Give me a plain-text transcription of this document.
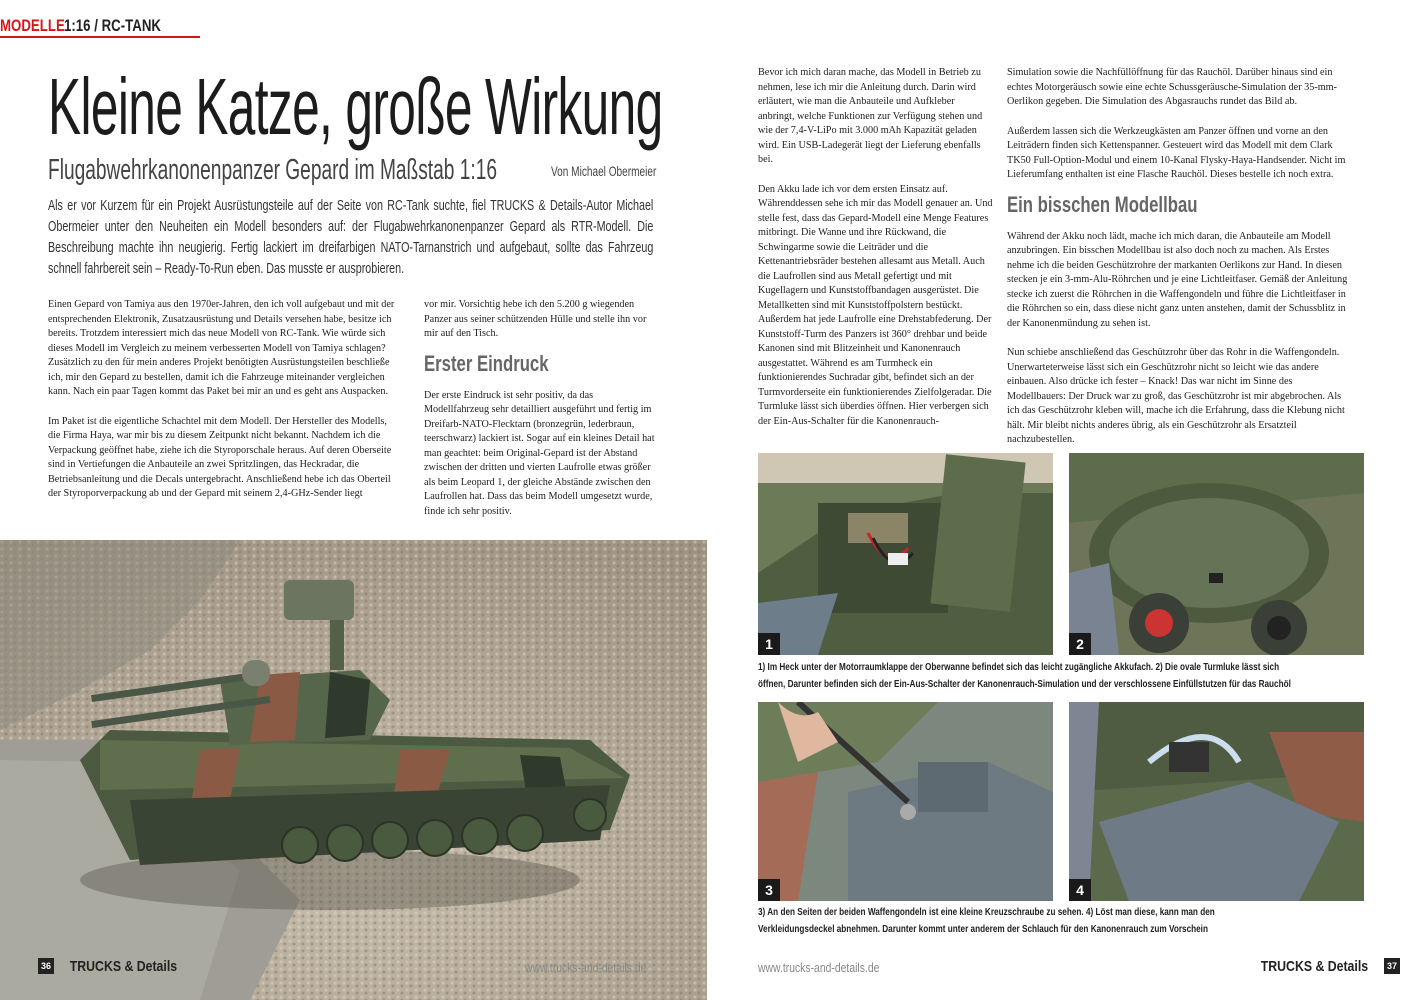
MODELLE 1:16 / RC-TANK
Kleine Katze, große Wirkung
Flugabwehrkanonenpanzer Gepard im Maßstab 1:16	Von Michael Obermeier

Als er vor Kurzem für ein Projekt Ausrüstungsteile auf der Seite von RC-Tank suchte, fiel TRUCKS & Details-Autor Michael Obermeier unter den Neuheiten ein Modell besonders auf: der Flugabwehrkanonenpanzer Gepard als RTR-Modell. Die Beschreibung machte ihn neugierig. Fertig lackiert im dreifarbigen NATO-Tarnanstrich und aufgebaut, sollte das Fahrzeug schnell fahrbereit sein – Ready-To-Run eben. Das musste er ausprobieren.

Einen Gepard von Tamiya aus den 1970er-Jahren, den ich voll aufgebaut und mit der entsprechenden Elektronik, Zusatzausrüstung und Details versehen habe, besitze ich bereits. Trotzdem interessiert mich das neue Modell von RC-Tank. Wie würde sich dieses Modell im Vergleich zu meinem verbesserten Modell von Tamiya schlagen? Zusätzlich zu den für mein anderes Projekt benötigten Ausrüstungsteilen beschließe ich, mir den Gepard zu bestellen, damit ich die Fahrzeuge miteinander vergleichen kann. Nach ein paar Tagen kommt das Paket bei mir an und es geht ans Auspacken.

Im Paket ist die eigentliche Schachtel mit dem Modell. Der Hersteller des Modells, die Firma Haya, war mir bis zu diesem Zeitpunkt nicht bekannt. Nachdem ich die Verpackung geöffnet habe, ziehe ich die Styroporschale heraus. Auf deren Oberseite sind in Vertiefungen die Anbauteile an zwei Spritzlingen, das Heckradar, die Betriebsanleitung und die Decals untergebracht. Anschließend hebe ich das Oberteil der Styroporverpackung ab und der Gepard mit seinem 2,4-GHz-Sender liegt

vor mir. Vorsichtig hebe ich den 5.200 g wiegenden Panzer aus seiner schützenden Hülle und stelle ihn vor mir auf den Tisch.

Erster Eindruck

Der erste Eindruck ist sehr positiv, da das Modellfahrzeug sehr detailliert ausgeführt und fertig im Dreifarb-NATO-Flecktarn (bronzegrün, lederbraun, teerschwarz) lackiert ist. Sogar auf ein kleines Detail hat man geachtet: beim Original-Gepard ist der Abstand zwischen der dritten und vierten Laufrolle etwas größer als beim Leopard 1, der gleiche Abstände zwischen den Laufrollen hat. Dass das beim Modell umgesetzt wurde, finde ich sehr positiv.

36 TRUCKS & Details	www.trucks-and-details.de

Bevor ich mich daran mache, das Modell in Betrieb zu nehmen, lese ich mir die Anleitung durch. Darin wird erläutert, wie man die Anbauteile und Aufkleber anbringt, welche Funktionen zur Verfügung stehen und wie der 7,4-V-LiPo mit 3.000 mAh Kapazität geladen wird. Ein USB-Ladegerät liegt der Lieferung ebenfalls bei.

Den Akku lade ich vor dem ersten Einsatz auf. Währenddessen sehe ich mir das Modell genauer an. Und stelle fest, dass das Gepard-Modell eine Menge Features mitbringt. Die Wanne und ihre Rückwand, die Schwingarme sowie die Leiträder und die Kettenantriebsräder bestehen allesamt aus Metall. Auch die Laufrollen sind aus Metall gefertigt und mit Kugellagern und Kunststoffbandagen ausgerüstet. Die Metallketten sind mit Kunststoffpolstern bestückt. Außerdem hat jede Laufrolle eine Drehstabfederung. Der Kunststoff-Turm des Panzers ist 360° drehbar und beide Kanonen sind mit Blitzeinheit und Kanonenrauch ausgestattet. Während es am Turmheck ein funktionierendes Suchradar gibt, befindet sich an der Turmvorderseite ein funktionierendes Zielfolgeradar. Die Turmluke lässt sich überdies öffnen. Hier verbergen sich der Ein-Aus-Schalter für die Kanonenrauch-

Simulation sowie die Nachfüllöffnung für das Rauchöl. Darüber hinaus sind ein echtes Motorgeräusch sowie eine echte Schussgeräusche-Simulation der 35-mm-Oerlikon gegeben. Die Simulation des Abgasrauchs rundet das Bild ab.

Außerdem lassen sich die Werkzeugkästen am Panzer öffnen und vorne an den Leiträdern finden sich Kettenspanner. Gesteuert wird das Modell mit dem Clark TK50 Full-Option-Modul und einem 10-Kanal Flysky-Haya-Handsender. Nicht im Lieferumfang enthalten ist eine Flasche Rauchöl. Dieses bestelle ich noch extra.

Ein bisschen Modellbau

Während der Akku noch lädt, mache ich mich daran, die Anbauteile am Modell anzubringen. Ein bisschen Modellbau ist also doch noch zu machen. Als Erstes nehme ich die beiden Geschützrohre der markanten Oerlikons zur Hand. In diesen stecken je ein 3-mm-Alu-Röhrchen und je eine Lichtleitfaser. Gemäß der Anleitung stecke ich zuerst die Röhrchen in die Waffengondeln und führe die Lichtleitfaser in die Röhrchen so ein, dass diese nicht ganz unten anstehen, damit der Schussblitz in der Kanonenmündung zu sehen ist.

Nun schiebe anschließend das Geschützrohr über das Rohr in die Waffengondeln. Unerwarteterweise lässt sich ein Geschützrohr nicht so leicht wie das andere einbauen. Also drücke ich fester – Knack! Das war nicht im Sinne des Modellbauers: Der Druck war zu groß, das Geschützrohr ist mir abgebrochen. Als ich das Geschützrohr kleben will, mache ich die Erfahrung, dass die Klebung nicht hält. Mir bleibt nichts anderes übrig, als ein Geschützrohr als Ersatzteil nachzubestellen.

1	2
1) Im Heck unter der Motorraumklappe der Oberwanne befindet sich das leicht zugängliche Akkufach. 2) Die ovale Turmluke lässt sich
öffnen, Darunter befinden sich der Ein-Aus-Schalter der Kanonenrauch-Simulation und der verschlossene Einfüllstutzen für das Rauchöl
3	4
3) An den Seiten der beiden Waffengondeln ist eine kleine Kreuzschraube zu sehen. 4) Löst man diese, kann man den
Verkleidungsdeckel abnehmen. Darunter kommt unter anderem der Schlauch für den Kanonenrauch zum Vorschein
www.trucks-and-details.de	TRUCKS & Details 37
